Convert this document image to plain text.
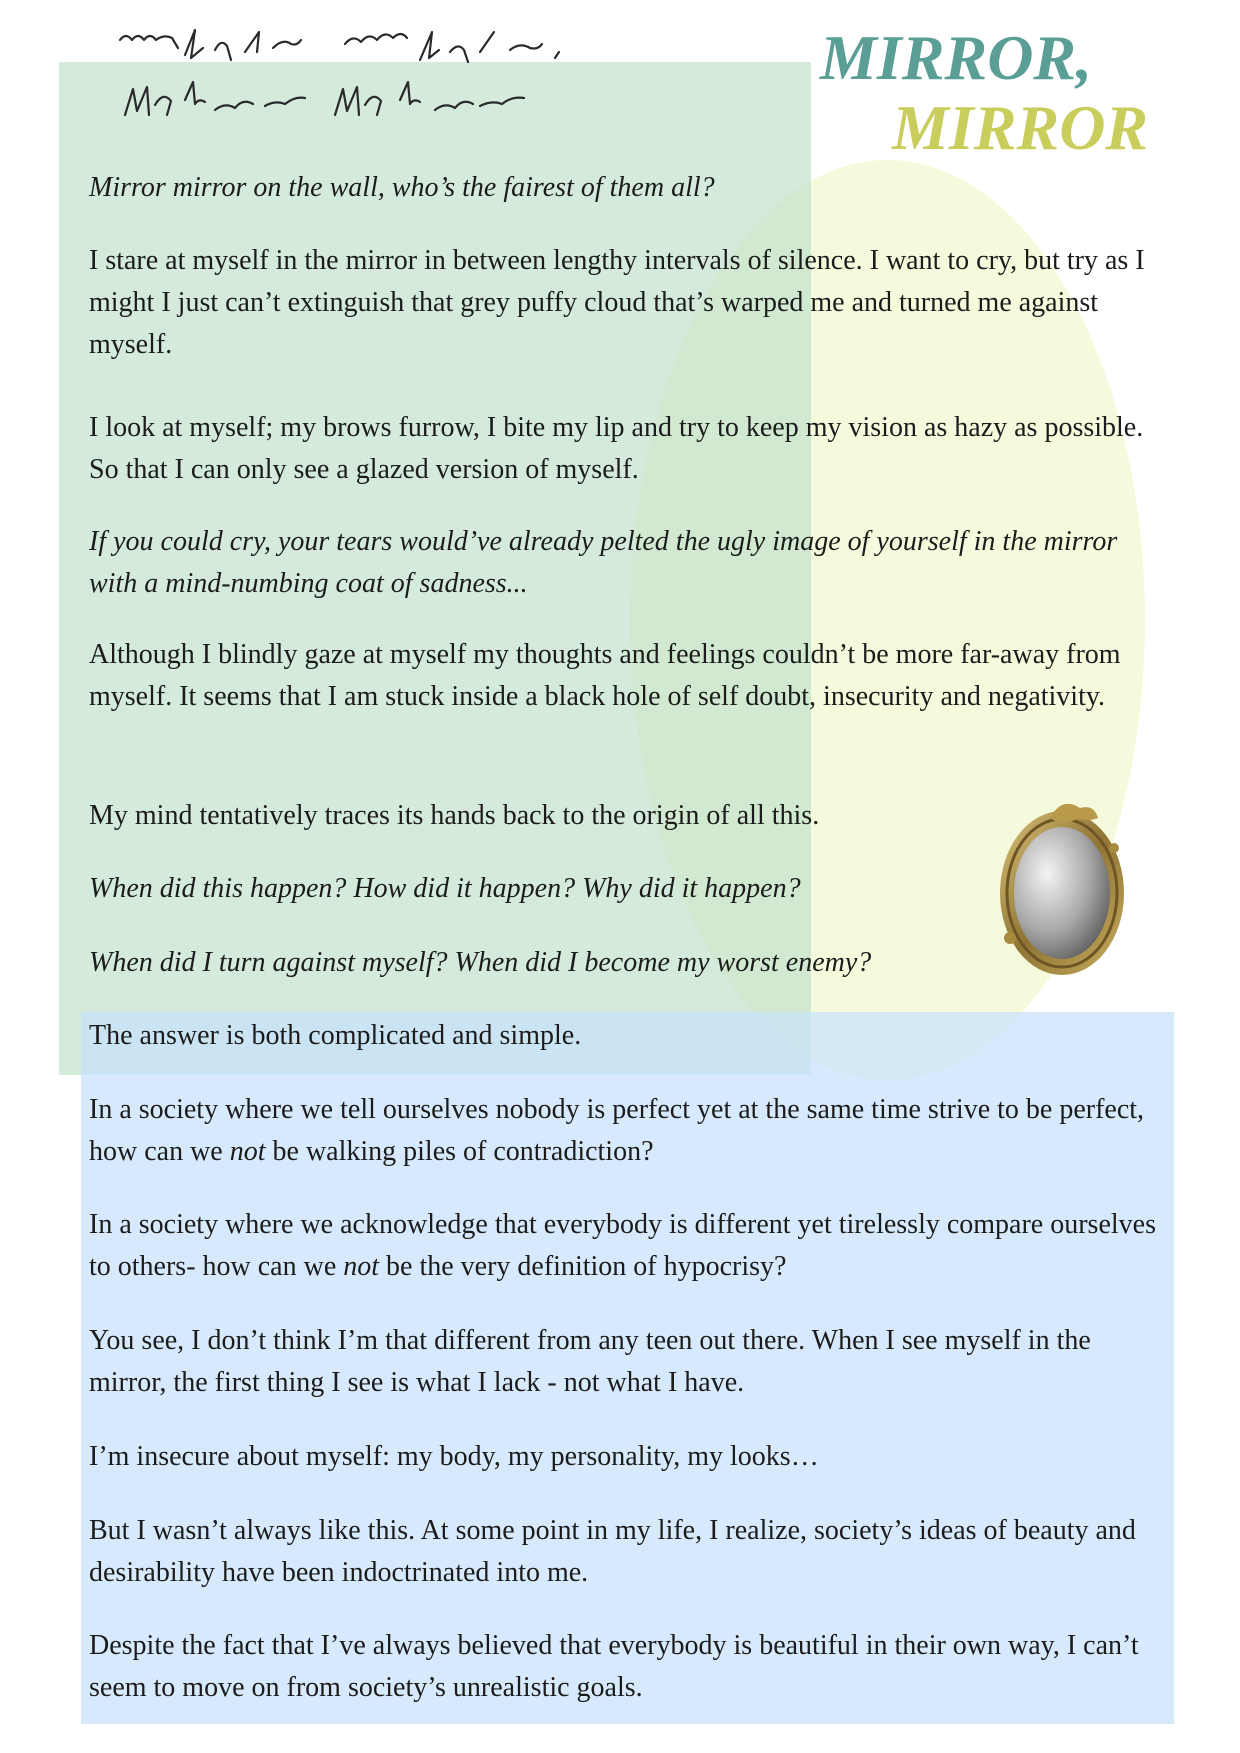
MIRROR,
MIRROR

Mirror mirror on the wall, who’s the fairest of them all?

I stare at myself in the mirror in between lengthy intervals of silence. I want to cry, but try as I might I just can’t extinguish that grey puffy cloud that’s warped me and turned me against myself.

I look at myself; my brows furrow, I bite my lip and try to keep my vision as hazy as possible. So that I can only see a glazed version of myself.

If you could cry, your tears would’ve already pelted the ugly image of yourself in the mirror with a mind-numbing coat of sadness...

Although I blindly gaze at myself my thoughts and feelings couldn’t be more far-away from myself. It seems that I am stuck inside a black hole of self doubt, insecurity and negativity.

My mind tentatively traces its hands back to the origin of all this.

When did this happen? How did it happen? Why did it happen?

When did I turn against myself? When did I become my worst enemy?

The answer is both complicated and simple.

In a society where we tell ourselves nobody is perfect yet at the same time strive to be perfect, how can we not be walking piles of contradiction?

In a society where we acknowledge that everybody is different yet tirelessly compare ourselves to others- how can we not be the very definition of hypocrisy?

You see, I don’t think I’m that different from any teen out there. When I see myself in the mirror, the first thing I see is what I lack - not what I have.

I’m insecure about myself: my body, my personality, my looks…

But I wasn’t always like this. At some point in my life, I realize, society’s ideas of beauty and desirability have been indoctrinated into me.

Despite the fact that I’ve always believed that everybody is beautiful in their own way, I can’t seem to move on from society’s unrealistic goals.
